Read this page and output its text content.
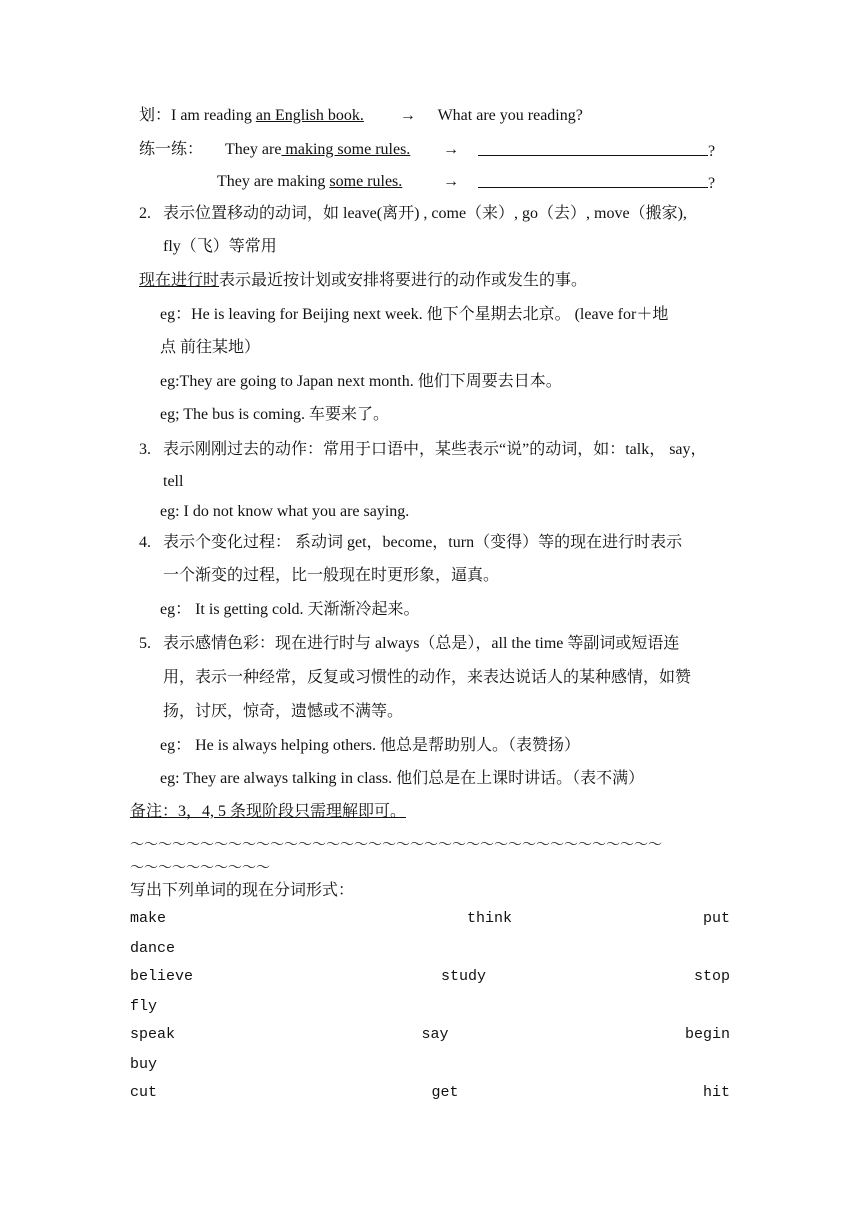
划：I am reading an English book. → What are you reading?
练一练： They are making some rules. →	?
They are making some rules.	→	?
2. 表示位置移动的动词，如 leave(离开) , come（来）, go（去）, move（搬家),
fly（飞）等常用
现在进行时表示最近按计划或安排将要进行的动作或发生的事。
eg：He is leaving for Beijing next week. 他下个星期去北京。 (leave for＋地
点 前往某地）
eg:They are going to Japan next month. 他们下周要去日本。
eg; The bus is coming. 车要来了。
3. 表示刚刚过去的动作：常用于口语中，某些表示“说”的动词，如：talk， say，
tell
eg: I do not know what you are saying.
4. 表示个变化过程： 系动词 get，become，turn（变得）等的现在进行时表示
一个渐变的过程，比一般现在时更形象，逼真。
eg： It is getting cold. 天渐渐冷起来。
5. 表示感情色彩：现在进行时与 always（总是），all the time 等副词或短语连
用，表示一种经常，反复或习惯性的动作，来表达说话人的某种感情，如赞
扬，讨厌，惊奇，遗憾或不满等。
eg： He is always helping others. 他总是帮助别人。（表赞扬）
eg: They are always talking in class. 他们总是在上课时讲话。（表不满）
备注：3，4, 5 条现阶段只需理解即可。
～～～～～～～～～～～～～～～～～～～～～～～～～～～～～～～～～～～～～～
～～～～～～～～～～
写出下列单词的现在分词形式：
make	think	put
dance
believe	study	stop
fly
speak	say	begin
buy
cut	get	hit
